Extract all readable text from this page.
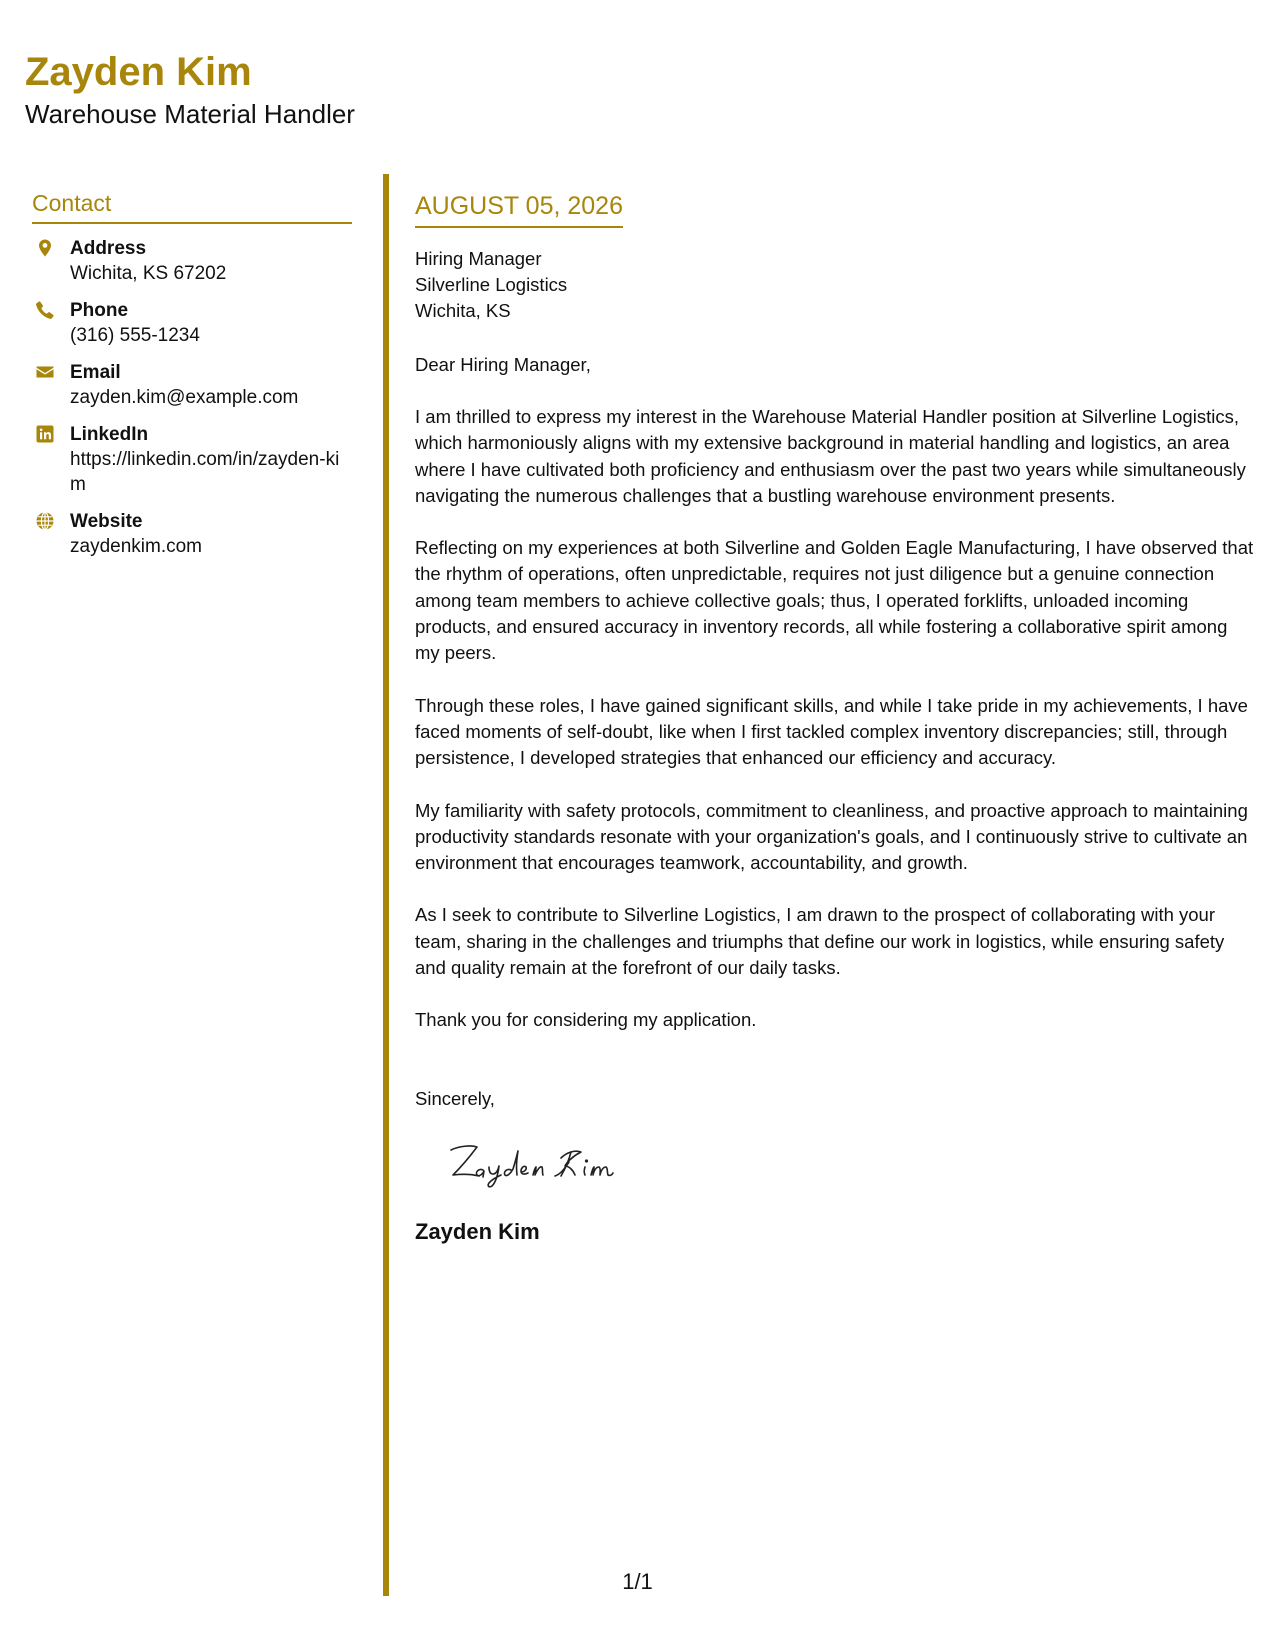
Zayden Kim
Warehouse Material Handler
Contact
Address
Wichita, KS 67202
Phone
(316) 555-1234
Email
zayden.kim@example.com
LinkedIn
https://linkedin.com/in/zayden-kim
Website
zaydenkim.com
AUGUST 05, 2026
Hiring Manager
Silverline Logistics
Wichita, KS
Dear Hiring Manager,

I am thrilled to express my interest in the Warehouse Material Handler position at Silverline Logistics, which harmoniously aligns with my extensive background in material handling and logistics, an area where I have cultivated both proficiency and enthusiasm over the past two years while simultaneously navigating the numerous challenges that a bustling warehouse environment presents.

Reflecting on my experiences at both Silverline and Golden Eagle Manufacturing, I have observed that the rhythm of operations, often unpredictable, requires not just diligence but a genuine connection among team members to achieve collective goals; thus, I operated forklifts, unloaded incoming products, and ensured accuracy in inventory records, all while fostering a collaborative spirit among my peers.

Through these roles, I have gained significant skills, and while I take pride in my achievements, I have faced moments of self-doubt, like when I first tackled complex inventory discrepancies; still, through persistence, I developed strategies that enhanced our efficiency and accuracy.

My familiarity with safety protocols, commitment to cleanliness, and proactive approach to maintaining productivity standards resonate with your organization's goals, and I continuously strive to cultivate an environment that encourages teamwork, accountability, and growth.

As I seek to contribute to Silverline Logistics, I am drawn to the prospect of collaborating with your team, sharing in the challenges and triumphs that define our work in logistics, while ensuring safety and quality remain at the forefront of our daily tasks.

Thank you for considering my application.

Sincerely,
Zayden Kim
1/1
